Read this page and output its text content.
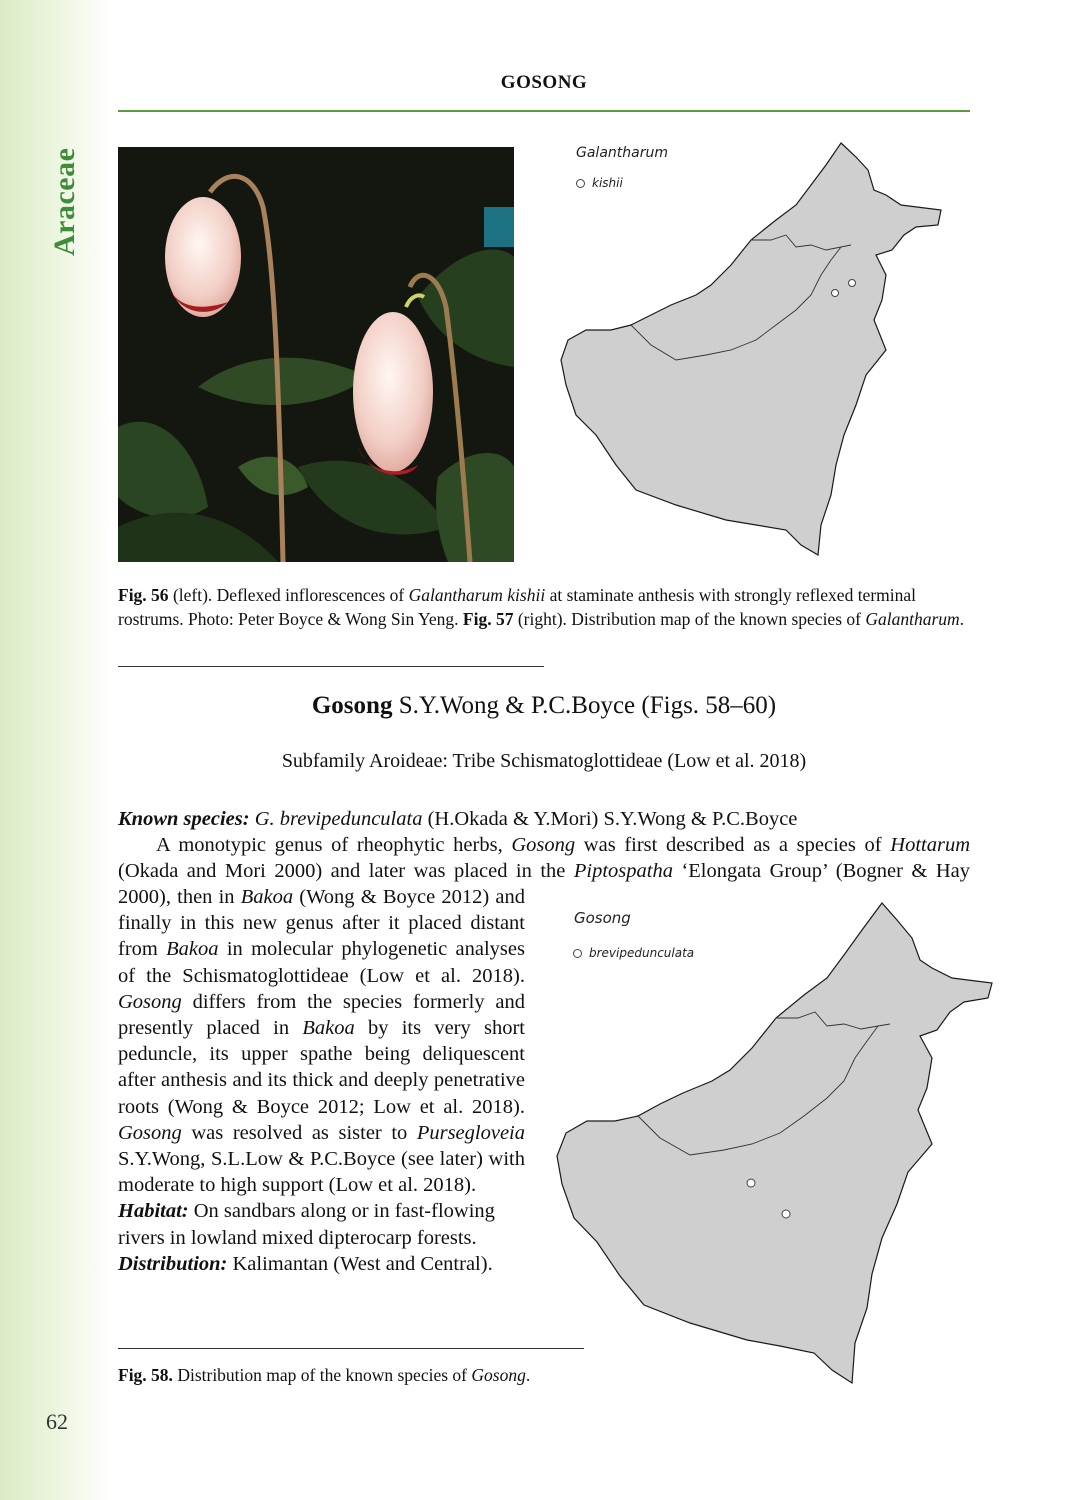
Araceae
GOSONG
Galantharum
kishii
Fig. 56 (left). Deflexed inflorescences of Galantharum kishii at staminate anthesis with strongly reflexed terminal rostrums. Photo: Peter Boyce & Wong Sin Yeng. Fig. 57 (right). Distribution map of the known species of Galantharum.
Gosong S.Y.Wong & P.C.Boyce (Figs. 58–60)
Subfamily Aroideae: Tribe Schismatoglottideae (Low et al. 2018)

Known species: G. brevipedunculata (H.Okada & Y.Mori) S.Y.Wong & P.C.Boyce

A monotypic genus of rheophytic herbs, Gosong was first described as a species of Hottarum (Okada and Mori 2000) and later was placed in the Piptospatha ‘Elongata Group’ (Bogner & Hay

2000), then in Bakoa (Wong & Boyce 2012) and finally in this new genus after it placed distant from Bakoa in molecular phylogenetic analyses of the Schismatoglottideae (Low et al. 2018). Gosong differs from the species formerly and presently placed in Bakoa by its very short peduncle, its upper spathe being deliquescent after anthesis and its thick and deeply penetrative roots (Wong & Boyce 2012; Low et al. 2018). Gosong was resolved as sister to Pursegloveia S.Y.Wong, S.L.Low & P.C.Boyce (see later) with moderate to high support (Low et al. 2018).

Habitat: On sandbars along or in fast-flowing rivers in lowland mixed dipterocarp forests.

Distribution: Kalimantan (West and Central).

Gosong
brevipedunculata
Fig. 58. Distribution map of the known species of Gosong.
62
